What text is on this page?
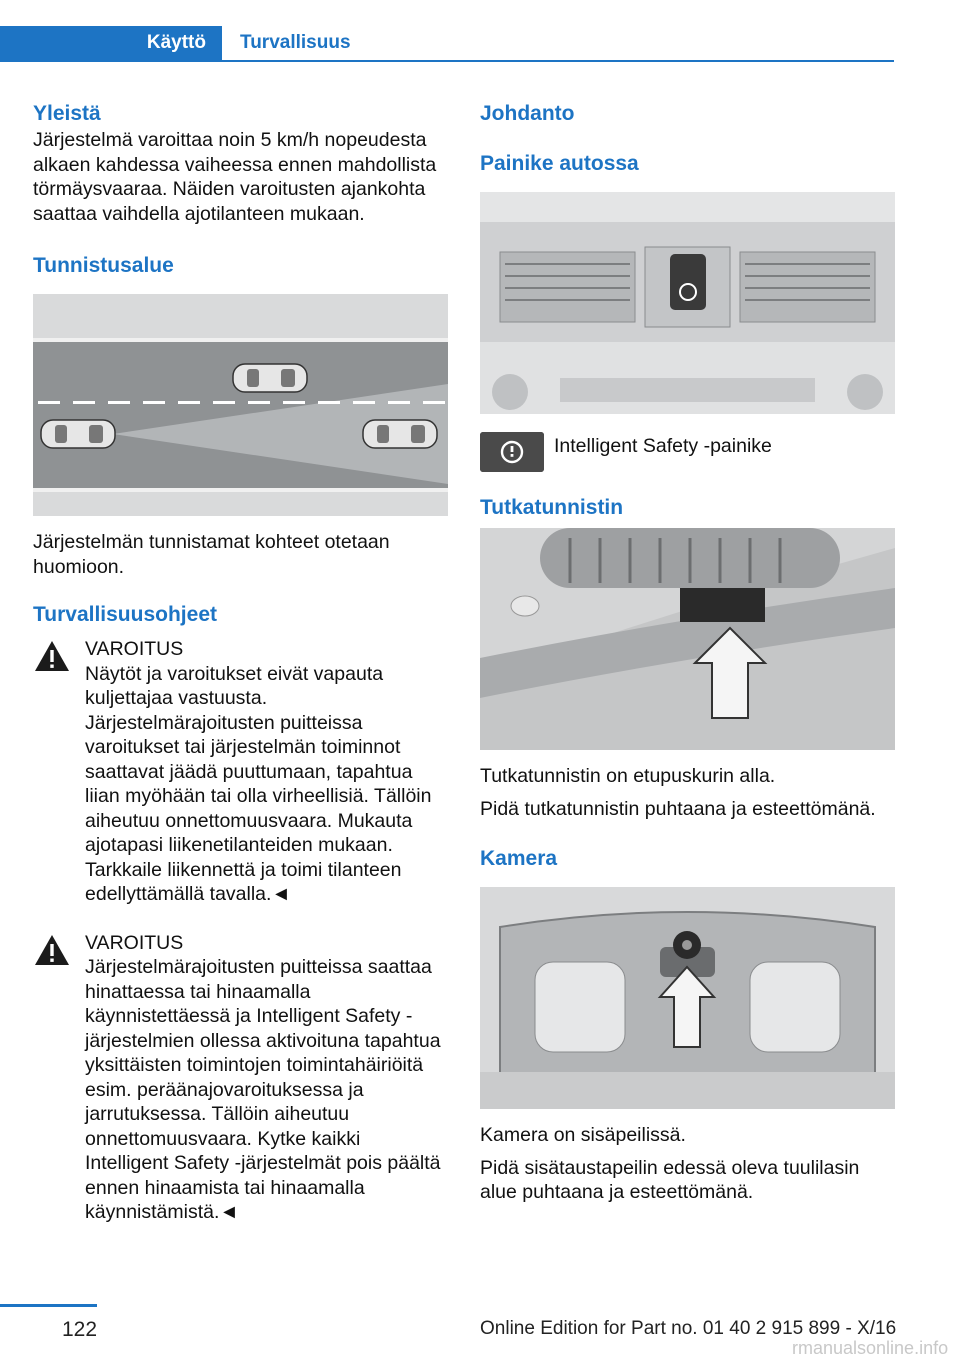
Käyttö	Turvallisuus
Yleistä

Järjestelmä varoittaa noin 5 km/h nopeudesta alkaen kahdessa vaiheessa ennen mahdollista törmäysvaaraa. Näiden varoitusten ajankohta saattaa vaihdella ajotilanteen mukaan.

Tunnistusalue

Järjestelmän tunnistamat kohteet otetaan huomioon.

Turvallisuusohjeet
VAROITUS
Näytöt ja varoitukset eivät vapauta kuljettajaa vastuusta. Järjestelmärajoitusten puitteissa varoitukset tai järjestelmän toiminnot saattavat jäädä puuttumaan, tapahtua liian myöhään tai olla virheellisiä. Tällöin aiheutuu onnettomuusvaara. Mukauta ajotapasi liikenetilanteiden mukaan. Tarkkaile liikennettä ja toimi tilanteen edellyttämällä tavalla.◄
VAROITUS
Järjestelmärajoitusten puitteissa saattaa hinattaessa tai hinaamalla käynnistettäessä ja Intelligent Safety -järjestelmien ollessa aktivoituna tapahtua yksittäisten toimintojen toimintahäiriöitä esim. peräänajovaroituksessa ja jarrutuksessa. Tällöin aiheutuu onnettomuusvaara. Kytke kaikki Intelligent Safety -järjestelmät pois päältä ennen hinaamista tai hinaamalla käynnistämistä.◄
Johdanto
Painike autossa
Intelligent Safety -painike
Tutkatunnistin

Tutkatunnistin on etupuskurin alla.

Pidä tutkatunnistin puhtaana ja esteettömänä.

Kamera

Kamera on sisäpeilissä.

Pidä sisätaustapeilin edessä oleva tuulilasin alue puhtaana ja esteettömänä.

122	Online Edition for Part no. 01 40 2 915 899 - X/16
rmanualsonline.info
